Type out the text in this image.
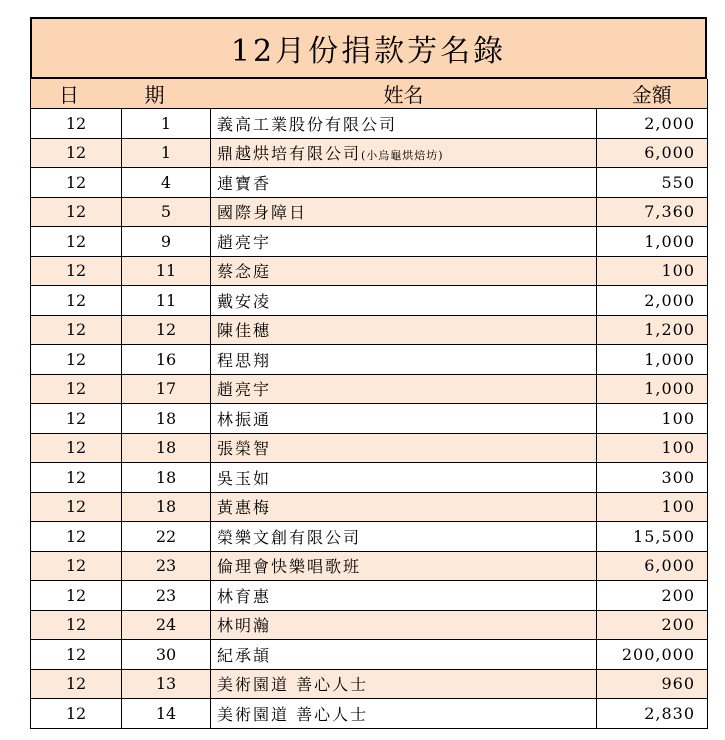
12月份捐款芳名錄
日	期	姓名	金額
12	1	義高工業股份有限公司	2,000
12	1	鼎越烘培有限公司(小烏龜烘焙坊)	6,000
12	4	連寶香	550
12	5	國際身障日	7,360
12	9	趙亮宇	1,000
12	11	蔡念庭	100
12	11	戴安凌	2,000
12	12	陳佳穗	1,200
12	16	程思翔	1,000
12	17	趙亮宇	1,000
12	18	林振通	100
12	18	張榮智	100
12	18	吳玉如	300
12	18	黃惠梅	100
12	22	榮樂文創有限公司	15,500
12	23	倫理會快樂唱歌班	6,000
12	23	林育惠	200
12	24	林明瀚	200
12	30	紀承頡	200,000
12	13	美術園道 善心人士	960
12	14	美術園道 善心人士	2,830
